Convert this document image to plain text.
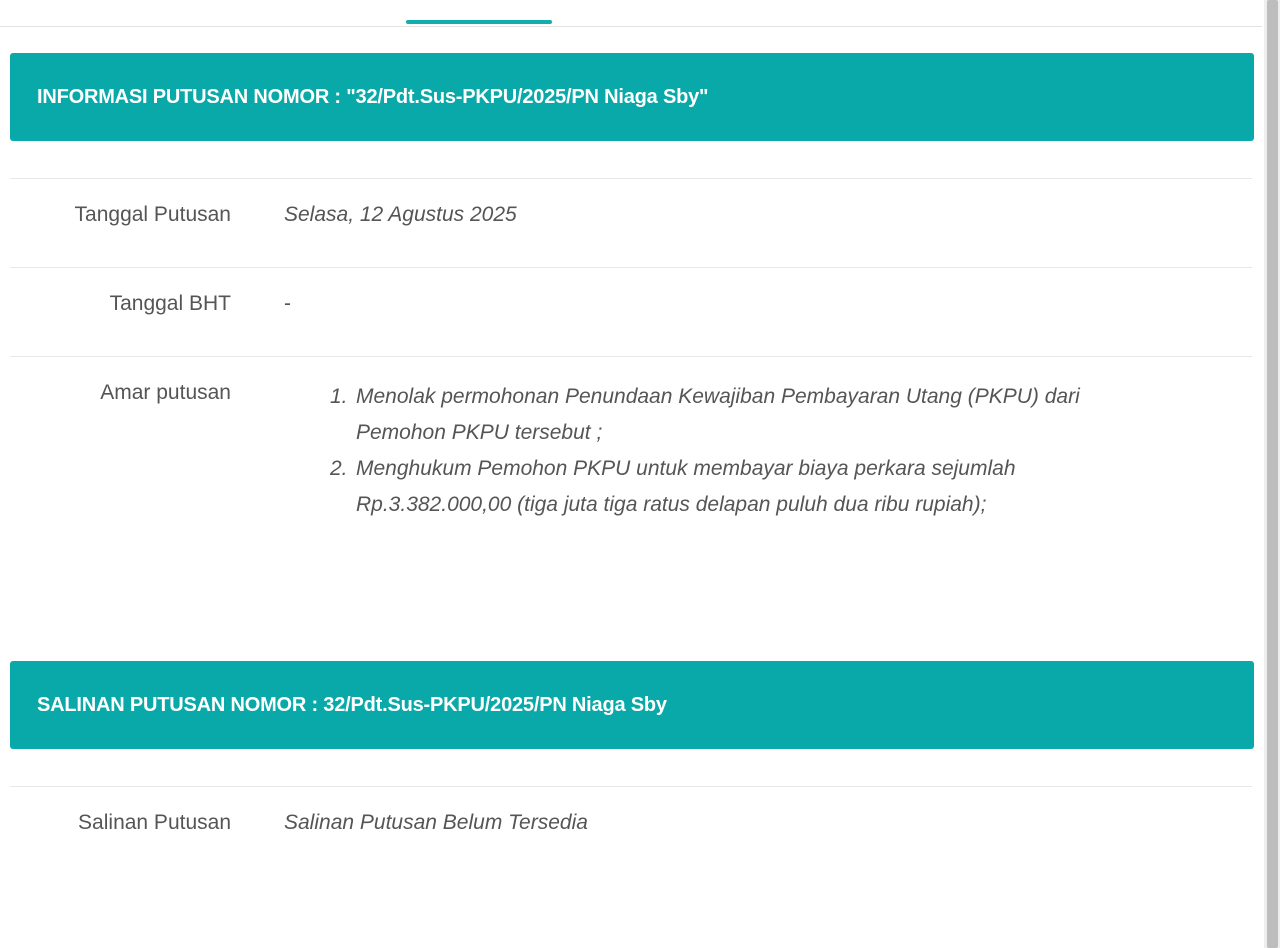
INFORMASI PUTUSAN NOMOR : "32/Pdt.Sus-PKPU/2025/PN Niaga Sby"
Tanggal Putusan	Selasa, 12 Agustus 2025
Tanggal BHT	-
Amar putusan	1. Menolak permohonan Penundaan Kewajiban Pembayaran Utang (PKPU) dari
Pemohon PKPU tersebut ;
2. Menghukum Pemohon PKPU untuk membayar biaya perkara sejumlah
Rp.3.382.000,00 (tiga juta tiga ratus delapan puluh dua ribu rupiah);
SALINAN PUTUSAN NOMOR : 32/Pdt.Sus-PKPU/2025/PN Niaga Sby
Salinan Putusan	Salinan Putusan Belum Tersedia
